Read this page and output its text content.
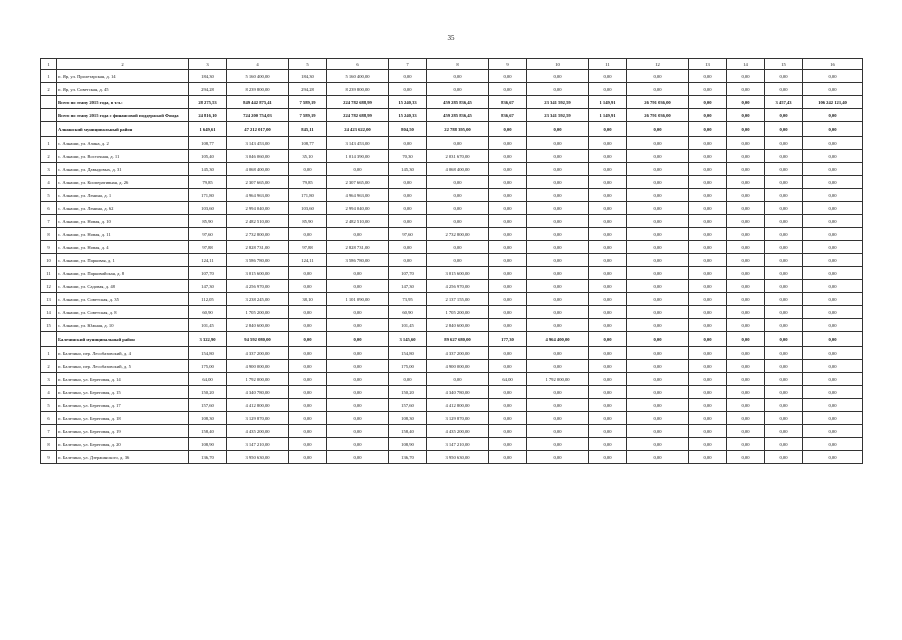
35
1	2	3	4	5	6	7	8	9	10	11	12	13	14	15	16
1	п. Яр, ул. Пролетарская, д. 14	184,30	5 160 400,00	184,30	5 160 400,00	0,00	0,00	0,00	0,00	0,00	0,00	0,00	0,00	0,00	0,00
2	п. Яр, ул. Советская, д. 45	294,28	8 239 800,00	294,28	8 239 800,00	0,00	0,00	0,00	0,00	0,00	0,00	0,00	0,00	0,00	0,00
	Всего по этапу 2015 года, в т.ч.:	28 275,53	849 442 875,41	7 589,19	224 782 688,99	15 240,33	459 285 836,45	836,67	23 341 592,59	1 149,91	26 791 036,00	0,00	0,00	3 457,43	106 242 121,40
	Всего по этапу 2015 года с финансовой поддержкой Фонда	24 816,10	724 200 754,03	7 589,19	224 782 688,99	15 240,33	459 285 836,45	836,67	23 341 592,59	1 149,91	26 791 036,00	0,00	0,00	0,00	0,00
	Алнашский муниципальный район	1 649,61	47 212 017,00	845,11	24 423 622,00	804,50	22 788 395,00	0,00	0,00	0,00	0,00	0,00	0,00	0,00	0,00
1	с. Алнаши, ул. Азина, д. 2	108,77	3 143 453,00	108,77	3 143 453,00	0,00	0,00	0,00	0,00	0,00	0,00	0,00	0,00	0,00	0,00
2	с. Алнаши, ул. Восточная, д. 11	105,40	3 046 060,00	35,10	1 014 390,00	70,30	2 031 670,00	0,00	0,00	0,00	0,00	0,00	0,00	0,00	0,00
3	с. Алнаши, ул. Давыдовых, д. 31	145,30	4 068 400,00	0,00	0,00	145,30	4 068 400,00	0,00	0,00	0,00	0,00	0,00	0,00	0,00	0,00
4	с. Алнаши, ул. Кооперативная, д. 26	79,85	2 307 665,00	79,85	2 307 665,00	0,00	0,00	0,00	0,00	0,00	0,00	0,00	0,00	0,00	0,00
5	с. Алнаши, ул. Ленина, д. 1	171,80	4 964 963,00	171,80	4 964 963,00	0,00	0,00	0,00	0,00	0,00	0,00	0,00	0,00	0,00	0,00
6	с. Алнаши, ул. Ленина, д. 62	103,60	2 994 040,00	103,60	2 994 040,00	0,00	0,00	0,00	0,00	0,00	0,00	0,00	0,00	0,00	0,00
7	с. Алнаши, ул. Новая, д. 10	85,90	2 482 510,00	85,90	2 482 510,00	0,00	0,00	0,00	0,00	0,00	0,00	0,00	0,00	0,00	0,00
8	с. Алнаши, ул. Новая, д. 11	97,60	2 732 800,00	0,00	0,00	97,60	2 732 800,00	0,00	0,00	0,00	0,00	0,00	0,00	0,00	0,00
9	с. Алнаши, ул. Новая, д. 4	97,88	2 828 731,00	97,88	2 828 731,00	0,00	0,00	0,00	0,00	0,00	0,00	0,00	0,00	0,00	0,00
10	с. Алнаши, ул. Парковая, д. 1	124,11	3 586 780,00	124,11	3 586 780,00	0,00	0,00	0,00	0,00	0,00	0,00	0,00	0,00	0,00	0,00
11	с. Алнаши, ул. Парковийская, д. 8	107,70	3 015 600,00	0,00	0,00	107,70	3 015 600,00	0,00	0,00	0,00	0,00	0,00	0,00	0,00	0,00
12	с. Алнаши, ул. Садовая, д. 48	147,30	4 256 970,00	0,00	0,00	147,30	4 256 970,00	0,00	0,00	0,00	0,00	0,00	0,00	0,00	0,00
13	с. Алнаши, ул. Советская, д. 35	112,05	3 238 245,00	38,10	1 101 090,00	73,95	2 137 155,00	0,00	0,00	0,00	0,00	0,00	0,00	0,00	0,00
14	с. Алнаши, ул. Советская, д. 8	60,90	1 705 200,00	0,00	0,00	60,90	1 705 200,00	0,00	0,00	0,00	0,00	0,00	0,00	0,00	0,00
15	с. Алнаши, ул. Южная, д. 10	101,45	2 840 600,00	0,00	0,00	101,45	2 840 600,00	0,00	0,00	0,00	0,00	0,00	0,00	0,00	0,00
	Балезинский муниципальный район	3 322,90	94 592 080,00	0,00	0,00	3 145,60	89 627 680,00	177,30	4 964 400,00	0,00	0,00	0,00	0,00	0,00	0,00
1	п. Балезино, пер. Лесобазовский, д. 4	154,80	4 337 200,00	0,00	0,00	154,80	4 337 200,00	0,00	0,00	0,00	0,00	0,00	0,00	0,00	0,00
2	п. Балезино, пер. Лесобазовский, д. 5	175,00	4 900 000,00	0,00	0,00	175,00	4 900 000,00	0,00	0,00	0,00	0,00	0,00	0,00	0,00	0,00
3	п. Балезино, ул. Береговая, д. 14	64,00	1 792 000,00	0,00	0,00	0,00	0,00	64,00	1 792 000,00	0,00	0,00	0,00	0,00	0,00	0,00
4	п. Балезино, ул. Береговая, д. 15	150,20	4 340 780,00	0,00	0,00	150,20	4 340 780,00	0,00	0,00	0,00	0,00	0,00	0,00	0,00	0,00
5	п. Балезино, ул. Береговая, д. 17	157,60	4 412 800,00	0,00	0,00	157,60	4 412 800,00	0,00	0,00	0,00	0,00	0,00	0,00	0,00	0,00
6	п. Балезино, ул. Береговая, д. 18	108,30	3 129 870,00	0,00	0,00	108,30	3 129 870,00	0,00	0,00	0,00	0,00	0,00	0,00	0,00	0,00
7	п. Балезино, ул. Береговая, д. 19	158,40	4 435 200,00	0,00	0,00	158,40	4 435 200,00	0,00	0,00	0,00	0,00	0,00	0,00	0,00	0,00
8	п. Балезино, ул. Береговая, д. 20	108,90	3 147 210,00	0,00	0,00	108,90	3 147 210,00	0,00	0,00	0,00	0,00	0,00	0,00	0,00	0,00
9	п. Балезино, ул. Дзержинского, д. 36	136,70	3 950 630,00	0,00	0,00	136,70	3 950 630,00	0,00	0,00	0,00	0,00	0,00	0,00	0,00	0,00
